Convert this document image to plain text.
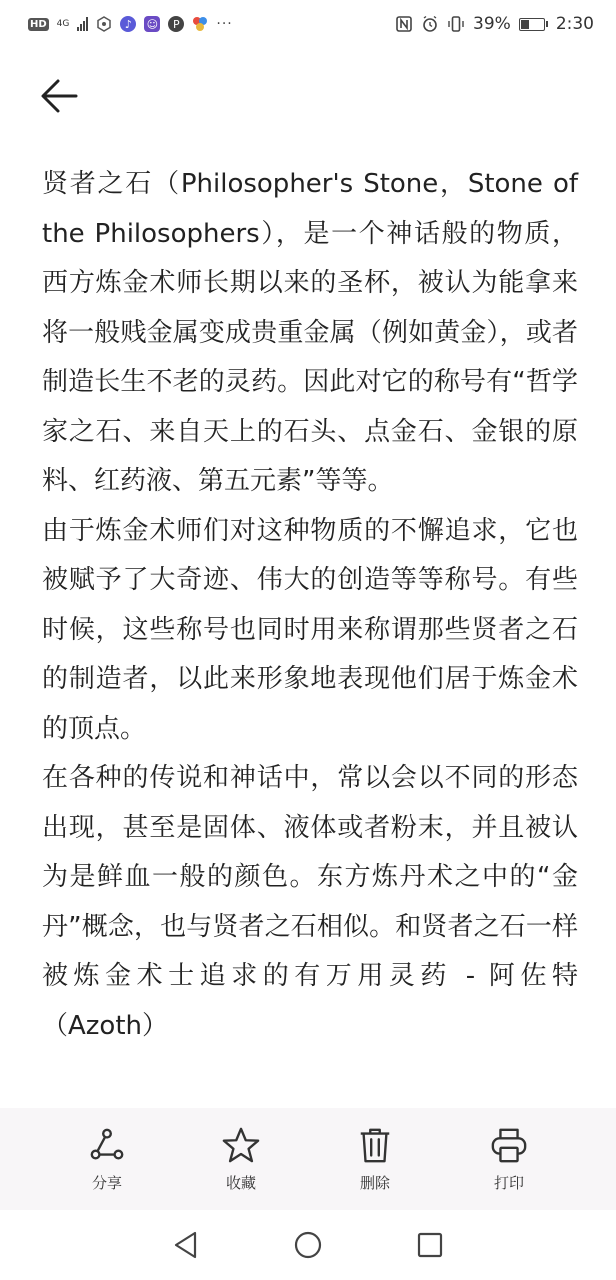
HD 4G	♪	☺	P	···	39%	2:30

贤者之石（Philosopher's Stone，Stone of the Philosophers），是一个神话般的物质，西方炼金术师长期以来的圣杯，被认为能拿来将一般贱金属变成贵重金属（例如黄金），或者制造长生不老的灵药。因此对它的称号有“哲学家之石、来自天上的石头、点金石、金银的原料、红药液、第五元素”等等。

由于炼金术师们对这种物质的不懈追求，它也被赋予了大奇迹、伟大的创造等等称号。有些时候，这些称号也同时用来称谓那些贤者之石的制造者，以此来形象地表现他们居于炼金术的顶点。

在各种的传说和神话中，常以会以不同的形态出现，甚至是固体、液体或者粉末，并且被认为是鲜血一般的颜色。东方炼丹术之中的“金丹”概念，也与贤者之石相似。和贤者之石一样被炼金术士追求的有万用灵药 - 阿佐特（Azoth）

分享	收藏	删除	打印
